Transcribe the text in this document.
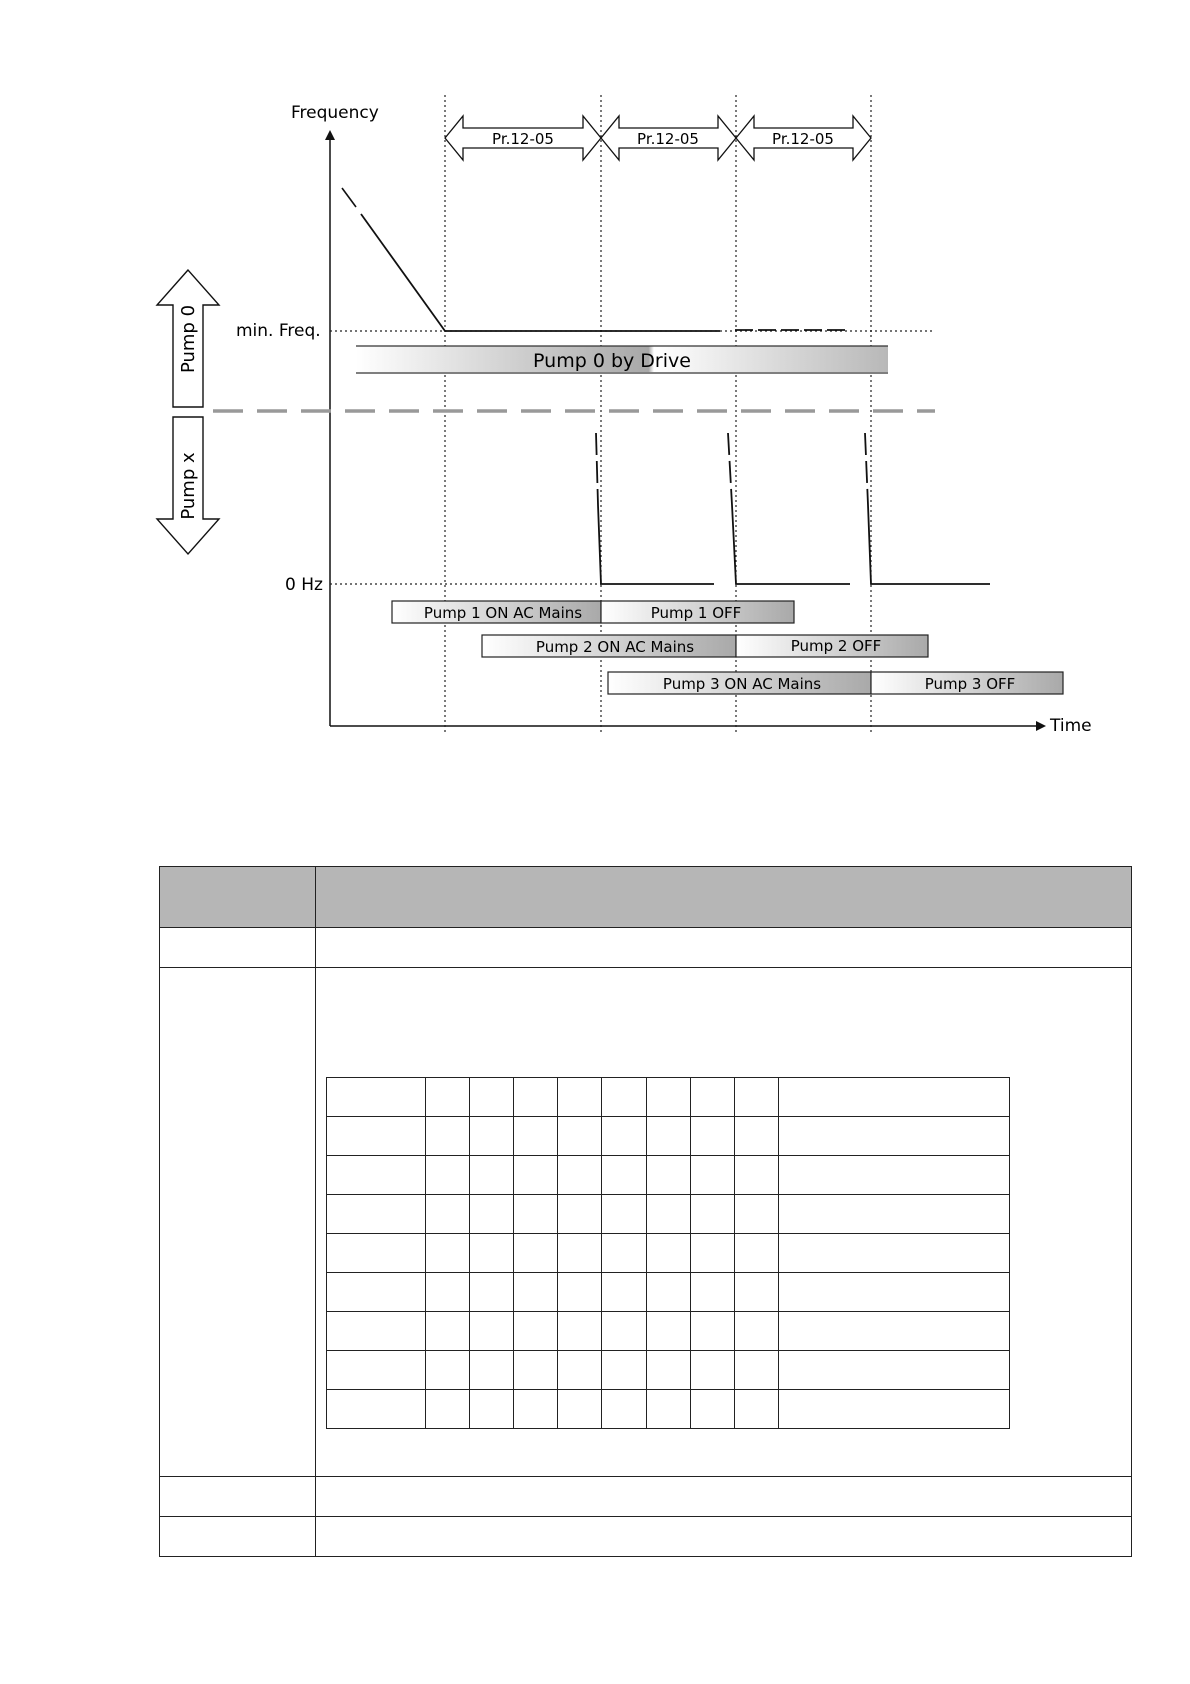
Frequency
Time
Pr.12-05	Pr.12-05	Pr.12-05
min. Freq.
Pump 0 by Drive
Pump 0
Pump x
0 Hz
Pump 1 ON AC Mains	Pump 1 OFF
Pump 2 ON AC Mains	Pump 2 OFF
Pump 3 ON AC Mains	Pump 3 OFF
